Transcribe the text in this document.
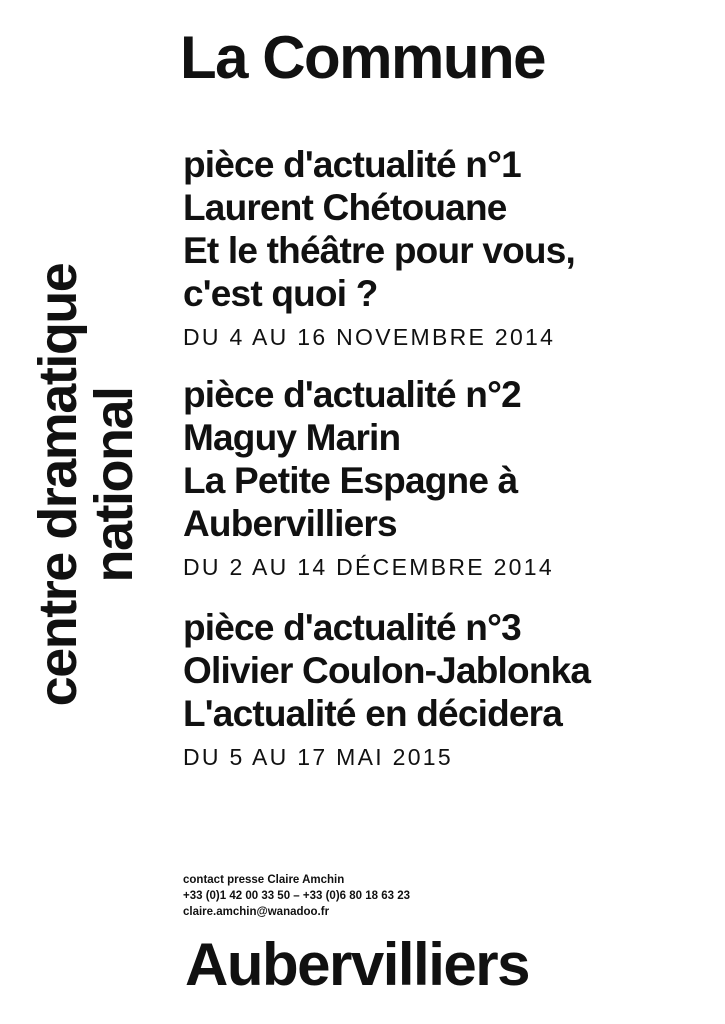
La Commune
centre dramatique
national
pièce d'actualité n°1
Laurent Chétouane
Et le théâtre pour vous,
c'est quoi ?
DU 4 AU 16 NOVEMBRE 2014
pièce d'actualité n°2
Maguy Marin
La Petite Espagne à
Aubervilliers
DU 2 AU 14 DÉCEMBRE 2014
pièce d'actualité n°3
Olivier Coulon-Jablonka
L'actualité en décidera
DU 5 AU 17 MAI 2015
contact presse Claire Amchin
+33 (0)1 42 00 33 50 – +33 (0)6 80 18 63 23
claire.amchin@wanadoo.fr
Aubervilliers
